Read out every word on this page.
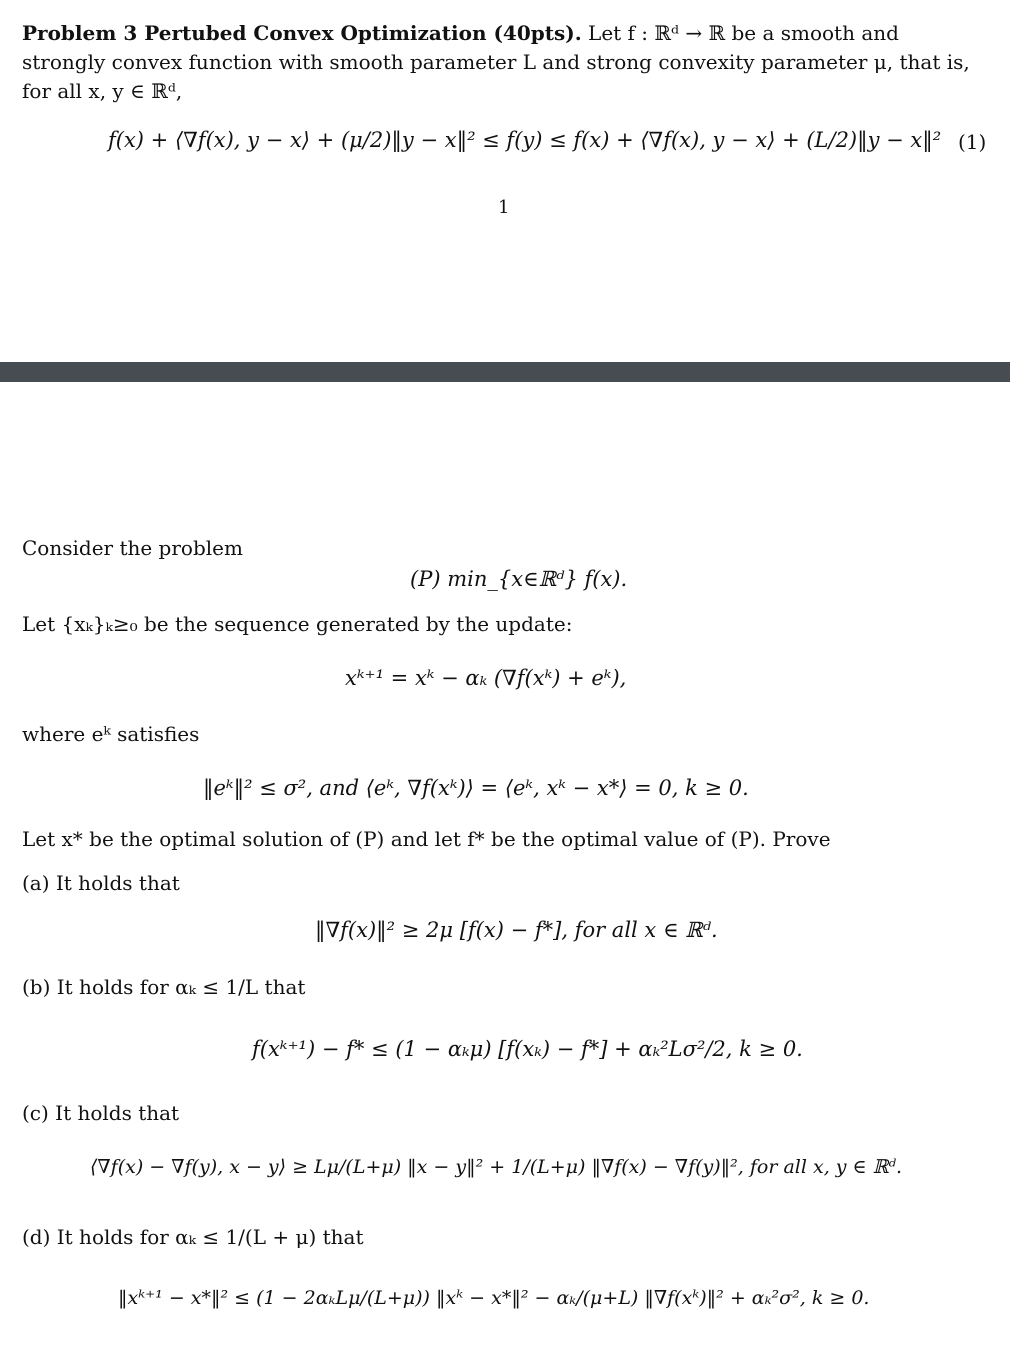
Problem 3 Pertubed Convex Optimization (40pts). Let f : ℝᵈ → ℝ be a smooth and
strongly convex function with smooth parameter L and strong convexity parameter μ, that is,
for all x, y ∈ ℝᵈ,
f(x) + ⟨∇f(x), y − x⟩ + (μ/2)‖y − x‖² ≤ f(y) ≤ f(x) + ⟨∇f(x), y − x⟩ + (L/2)‖y − x‖² (1)
1
Consider the problem
(P) min_{x∈ℝᵈ} f(x).
Let {xₖ}ₖ≥₀ be the sequence generated by the update:
xᵏ⁺¹ = xᵏ − αₖ (∇f(xᵏ) + eᵏ),
where eᵏ satisfies
‖eᵏ‖² ≤ σ², and ⟨eᵏ, ∇f(xᵏ)⟩ = ⟨eᵏ, xᵏ − x*⟩ = 0, k ≥ 0.
Let x* be the optimal solution of (P) and let f* be the optimal value of (P). Prove
(a) It holds that
‖∇f(x)‖² ≥ 2μ [f(x) − f*], for all x ∈ ℝᵈ.
(b) It holds for αₖ ≤ 1/L that
f(xᵏ⁺¹) − f* ≤ (1 − αₖμ) [f(xₖ) − f*] + αₖ²Lσ²/2, k ≥ 0.
(c) It holds that
⟨∇f(x) − ∇f(y), x − y⟩ ≥ Lμ/(L+μ) ‖x − y‖² + 1/(L+μ) ‖∇f(x) − ∇f(y)‖², for all x, y ∈ ℝᵈ.
(d) It holds for αₖ ≤ 1/(L + μ) that
‖xᵏ⁺¹ − x*‖² ≤ (1 − 2αₖLμ/(L+μ)) ‖xᵏ − x*‖² − αₖ/(μ+L) ‖∇f(xᵏ)‖² + αₖ²σ², k ≥ 0.
